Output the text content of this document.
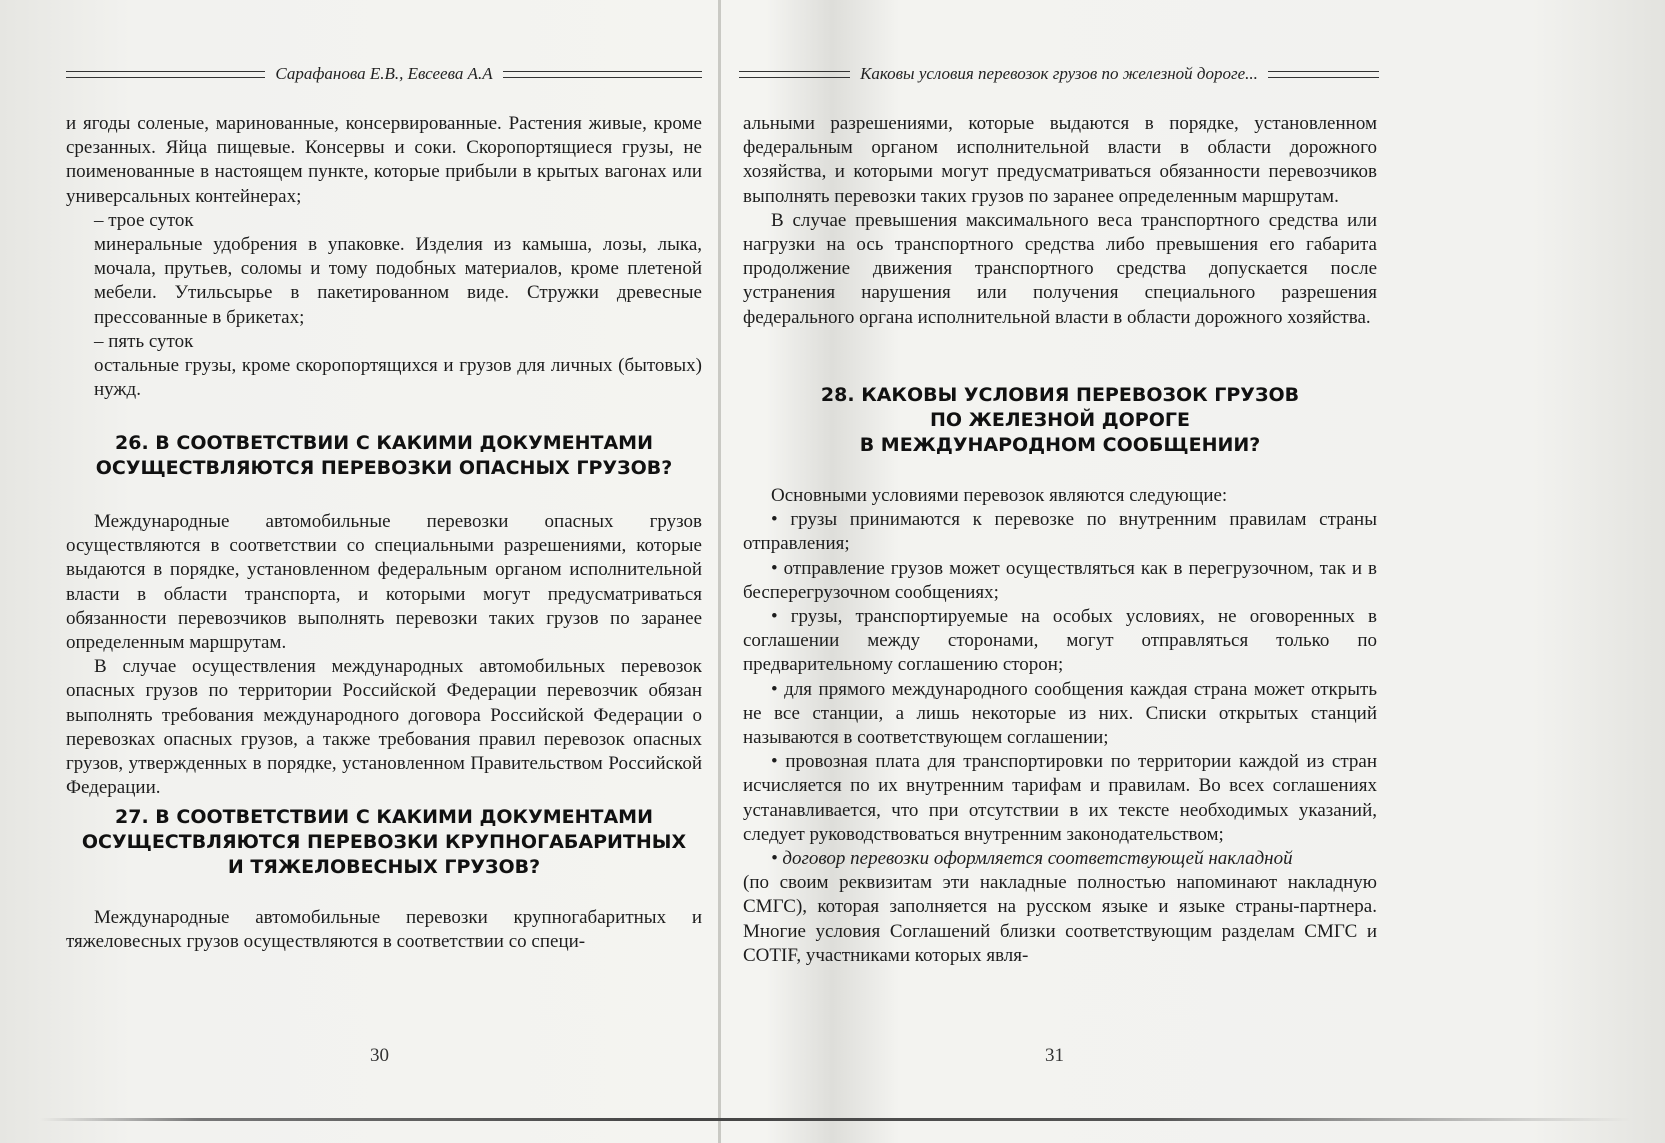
Сарафанова Е.В., Евсеева А.А

и ягоды соленые, маринованные, консервированные. Растения живые, кроме срезанных. Яйца пищевые. Консервы и соки. Скоропортящиеся грузы, не поименованные в настоящем пункте, которые прибыли в крытых вагонах или универсальных контейнерах;

– трое суток

минеральные удобрения в упаковке. Изделия из камыша, лозы, лыка, мочала, прутьев, соломы и тому подобных материалов, кроме плетеной мебели. Утильсырье в пакетированном виде. Стружки древесные прессованные в брикетах;

– пять суток

остальные грузы, кроме скоропортящихся и грузов для личных (бытовых) нужд.

26. В СООТВЕТСТВИИ С КАКИМИ ДОКУМЕНТАМИ
ОСУЩЕСТВЛЯЮТСЯ ПЕРЕВОЗКИ ОПАСНЫХ ГРУЗОВ?

Международные автомобильные перевозки опасных грузов осуществляются в соответствии со специальными разрешениями, которые выдаются в порядке, установленном федеральным органом исполнительной власти в области транспорта, и которыми могут предусматриваться обязанности перевозчиков выполнять перевозки таких грузов по заранее определенным маршрутам.

В случае осуществления международных автомобильных перевозок опасных грузов по территории Российской Федерации перевозчик обязан выполнять требования международного договора Российской Федерации о перевозках опасных грузов, а также требования правил перевозок опасных грузов, утвержденных в порядке, установленном Правительством Российской Федерации.

27. В СООТВЕТСТВИИ С КАКИМИ ДОКУМЕНТАМИ
ОСУЩЕСТВЛЯЮТСЯ ПЕРЕВОЗКИ КРУПНОГАБАРИТНЫХ
И ТЯЖЕЛОВЕСНЫХ ГРУЗОВ?

Международные автомобильные перевозки крупногабаритных и тяжеловесных грузов осуществляются в соответствии со специ-

30
Каковы условия перевозок грузов по железной дороге...

альными разрешениями, которые выдаются в порядке, установленном федеральным органом исполнительной власти в области дорожного хозяйства, и которыми могут предусматриваться обязанности перевозчиков выполнять перевозки таких грузов по заранее определенным маршрутам.

В случае превышения максимального веса транспортного средства или нагрузки на ось транспортного средства либо превышения его габарита продолжение движения транспортного средства допускается после устранения нарушения или получения специального разрешения федерального органа исполнительной власти в области дорожного хозяйства.

28. КАКОВЫ УСЛОВИЯ ПЕРЕВОЗОК ГРУЗОВ
ПО ЖЕЛЕЗНОЙ ДОРОГЕ
В МЕЖДУНАРОДНОМ СООБЩЕНИИ?

Основными условиями перевозок являются следующие:

• грузы принимаются к перевозке по внутренним правилам страны отправления;

• отправление грузов может осуществляться как в перегрузочном, так и в бесперегрузочном сообщениях;

• грузы, транспортируемые на особых условиях, не оговоренных в соглашении между сторонами, могут отправляться только по предварительному соглашению сторон;

• для прямого международного сообщения каждая страна может открыть не все станции, а лишь некоторые из них. Списки открытых станций называются в соответствующем соглашении;

• провозная плата для транспортировки по территории каждой из стран исчисляется по их внутренним тарифам и правилам. Во всех соглашениях устанавливается, что при отсутствии в их тексте необходимых указаний, следует руководствоваться внутренним законодательством;

• договор перевозки оформляется соответствующей накладной

(по своим реквизитам эти накладные полностью напоминают накладную СМГС), которая заполняется на русском языке и языке страны-партнера. Многие условия Соглашений близки соответствующим разделам СМГС и COTIF, участниками которых явля-

31
